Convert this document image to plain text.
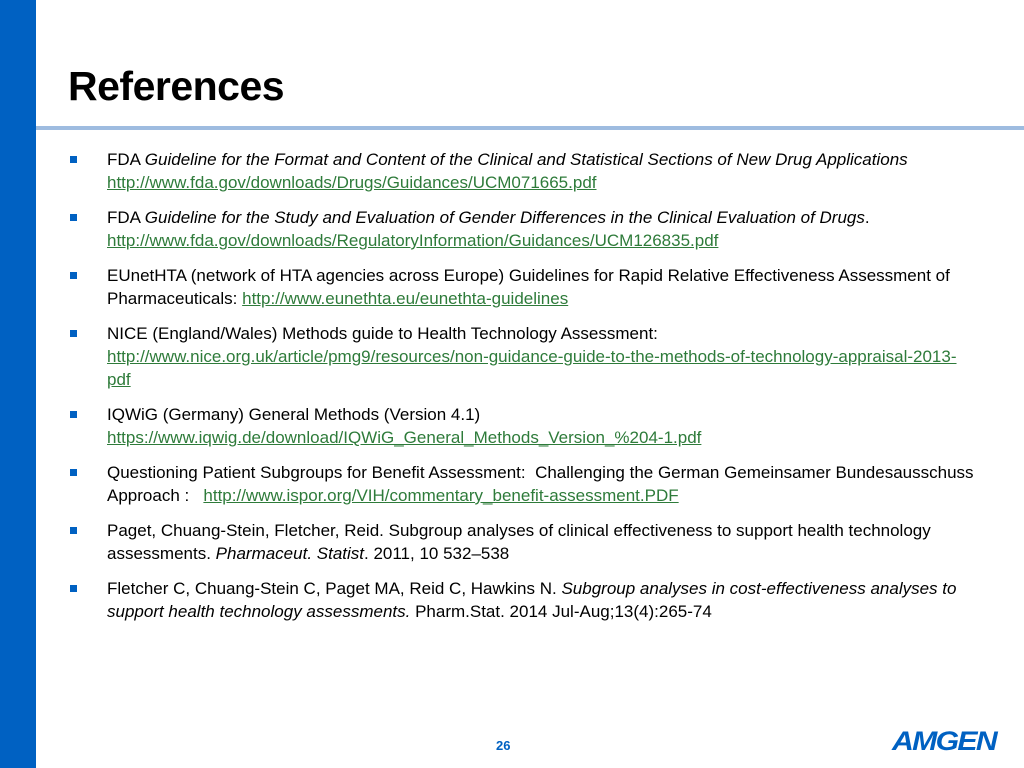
References
FDA Guideline for the Format and Content of the Clinical and Statistical Sections of New Drug Applications http://www.fda.gov/downloads/Drugs/Guidances/UCM071665.pdf
FDA Guideline for the Study and Evaluation of Gender Differences in the Clinical Evaluation of Drugs. http://www.fda.gov/downloads/RegulatoryInformation/Guidances/UCM126835.pdf
EUnetHTA (network of HTA agencies across Europe) Guidelines for Rapid Relative Effectiveness Assessment of Pharmaceuticals: http://www.eunethta.eu/eunethta-guidelines
NICE (England/Wales) Methods guide to Health Technology Assessment: http://www.nice.org.uk/article/pmg9/resources/non-guidance-guide-to-the-methods-of-technology-appraisal-2013-pdf
IQWiG (Germany) General Methods (Version 4.1)
https://www.iqwig.de/download/IQWiG_General_Methods_Version_%204-1.pdf
Questioning Patient Subgroups for Benefit Assessment:  Challenging the German Gemeinsamer Bundesausschuss Approach :   http://www.ispor.org/VIH/commentary_benefit-assessment.PDF
Paget, Chuang-Stein, Fletcher, Reid. Subgroup analyses of clinical effectiveness to support health technology assessments. Pharmaceut. Statist. 2011, 10 532–538
Fletcher C, Chuang-Stein C, Paget MA, Reid C, Hawkins N. Subgroup analyses in cost-effectiveness analyses to support health technology assessments. Pharm.Stat. 2014 Jul-Aug;13(4):265-74
26	AMGEN
